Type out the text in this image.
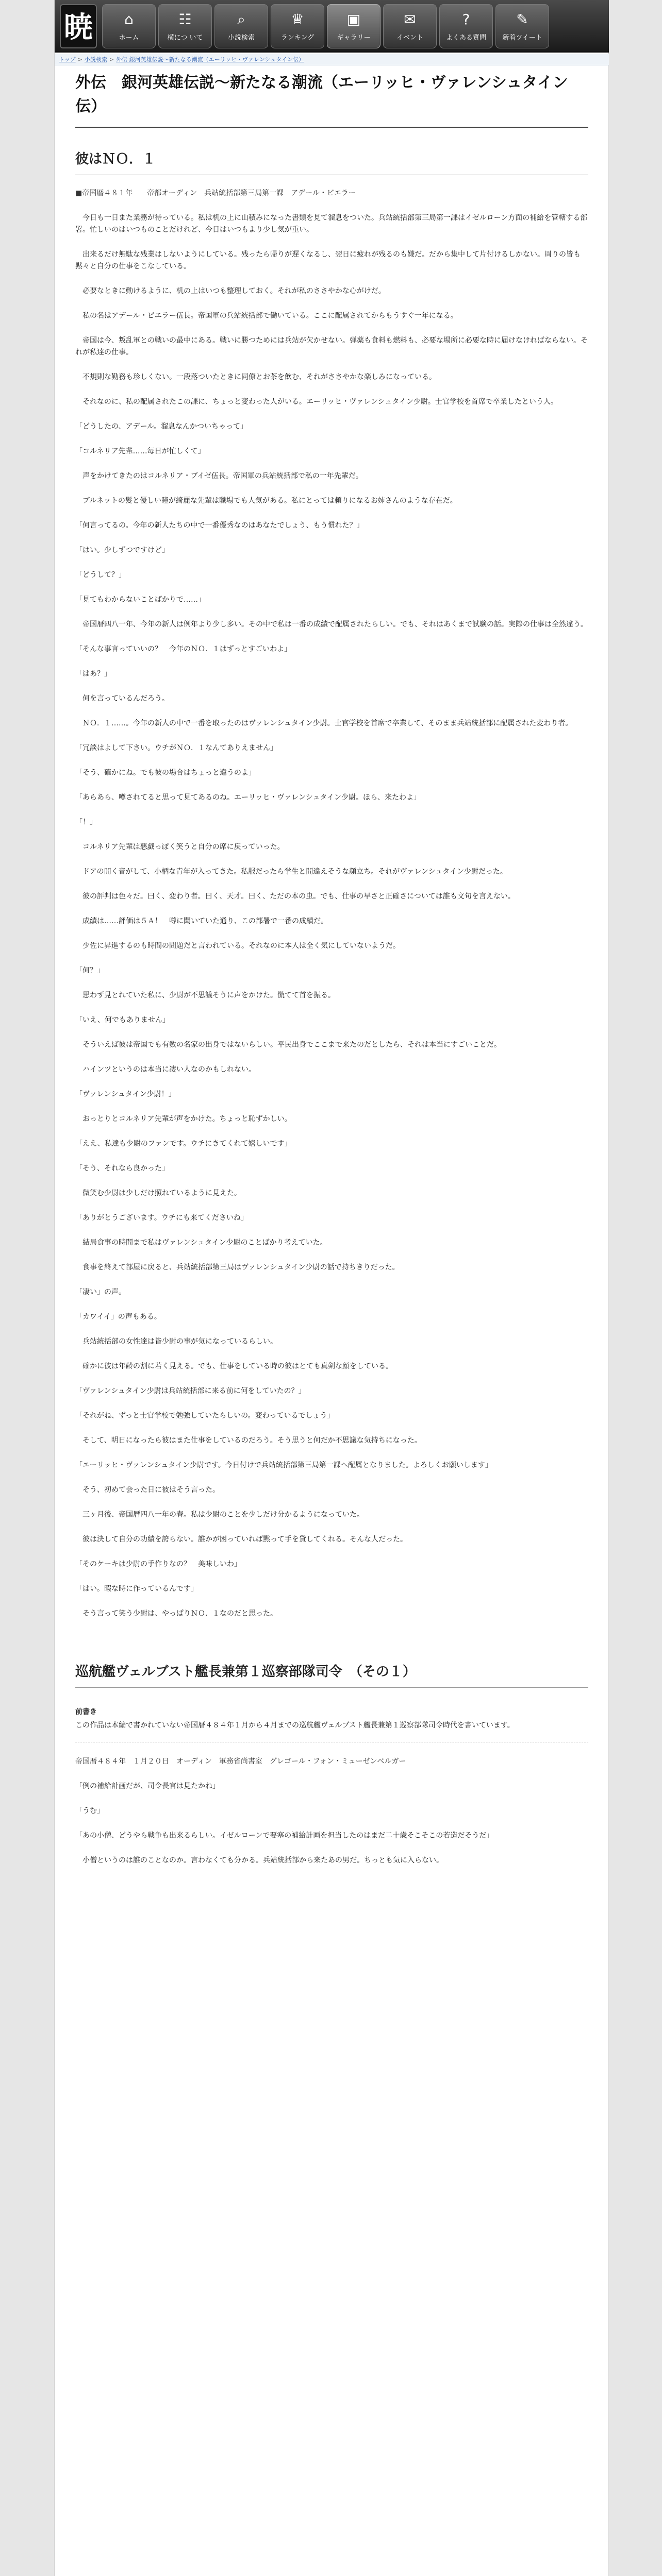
暁 ⌂
ホーム
☷
横につ いて
⌕
小説検索
♛
ランキング
▣
ギャラリー
✉
イベント
?
よくある質問
✎
新着ツイート
トップ > 小説検索 > 外伝 銀河英雄伝説～新たなる潮流（エーリッヒ・ヴァレンシュタイン伝）
外伝　銀河英雄伝説～新たなる潮流（エーリッヒ・ヴァレンシュタイン伝）
彼はＮＯ．１
■帝国暦４８１年　　帝都オーディン　兵站統括部第三局第一課　アデール・ビエラー

　今日も一日また業務が待っている。私は机の上に山積みになった書類を見て溜息をついた。兵站統括部第三局第一課はイゼルローン方面の補給を管轄する部署。忙しいのはいつものことだけれど、今日はいつもより少し気が重い。

　出来るだけ無駄な残業はしないようにしている。残ったら帰りが遅くなるし、翌日に疲れが残るのも嫌だ。だから集中して片付けるしかない。周りの皆も黙々と自分の仕事をこなしている。

　必要なときに動けるように、机の上はいつも整理しておく。それが私のささやかな心がけだ。

　私の名はアデール・ビエラー伍長。帝国軍の兵站統括部で働いている。ここに配属されてからもうすぐ一年になる。

　帝国は今、叛乱軍との戦いの最中にある。戦いに勝つためには兵站が欠かせない。弾薬も食料も燃料も、必要な場所に必要な時に届けなければならない。それが私達の仕事。

　不規則な勤務も珍しくない。一段落ついたときに同僚とお茶を飲む、それがささやかな楽しみになっている。

　それなのに、私の配属されたこの課に、ちょっと変わった人がいる。エーリッヒ・ヴァレンシュタイン少尉。士官学校を首席で卒業したという人。

「どうしたの、アデール。溜息なんかついちゃって」

「コルネリア先輩……毎日が忙しくて」

　声をかけてきたのはコルネリア・ブイゼ伍長。帝国軍の兵站統括部で私の一年先輩だ。

　ブルネットの髪と優しい瞳が綺麗な先輩は職場でも人気がある。私にとっては頼りになるお姉さんのような存在だ。

「何言ってるの。今年の新人たちの中で一番優秀なのはあなたでしょう、もう慣れた？」

「はい。少しずつですけど」

「どうして？」

「見てもわからないことばかりで……」

　帝国暦四八一年、今年の新人は例年より少し多い。その中で私は一番の成績で配属されたらしい。でも、それはあくまで試験の話。実際の仕事は全然違う。

「そんな事言っていいの？　今年のＮＯ．１はずっとすごいわよ」

「はあ？」

　何を言っているんだろう。

　ＮＯ．１……。今年の新人の中で一番を取ったのはヴァレンシュタイン少尉。士官学校を首席で卒業して、そのまま兵站統括部に配属された変わり者。

「冗談はよして下さい。ウチがＮＯ．１なんてありえません」

「そう、確かにね。でも彼の場合はちょっと違うのよ」

「あらあら、噂されてると思って見てあるのね。エーリッヒ・ヴァレンシュタイン少尉。ほら、来たわよ」

「！」

　コルネリア先輩は悪戯っぽく笑うと自分の席に戻っていった。

　ドアの開く音がして、小柄な青年が入ってきた。私服だったら学生と間違えそうな顔立ち。それがヴァレンシュタイン少尉だった。

　彼の評判は色々だ。曰く、変わり者。曰く、天才。曰く、ただの本の虫。でも、仕事の早さと正確さについては誰も文句を言えない。

　成績は……評価は５Ａ！　噂に聞いていた通り、この部署で一番の成績だ。

　少佐に昇進するのも時間の問題だと言われている。それなのに本人は全く気にしていないようだ。

「何？」

　思わず見とれていた私に、少尉が不思議そうに声をかけた。慌てて首を振る。

「いえ、何でもありません」

　そういえば彼は帝国でも有数の名家の出身ではないらしい。平民出身でここまで来たのだとしたら、それは本当にすごいことだ。

　ハインツというのは本当に凄い人なのかもしれない。

「ヴァレンシュタイン少尉！」

　おっとりとコルネリア先輩が声をかけた。ちょっと恥ずかしい。

「ええ、私達も少尉のファンです。ウチにきてくれて嬉しいです」

「そう、それなら良かった」

　微笑む少尉は少しだけ照れているように見えた。

「ありがとうございます。ウチにも来てくださいね」

　結局食事の時間まで私はヴァレンシュタイン少尉のことばかり考えていた。

　食事を終えて部屋に戻ると、兵站統括部第三局はヴァレンシュタイン少尉の話で持ちきりだった。

「凄い」の声。

「カワイイ」の声もある。

　兵站統括部の女性達は皆少尉の事が気になっているらしい。

　確かに彼は年齢の割に若く見える。でも、仕事をしている時の彼はとても真剣な顔をしている。

「ヴァレンシュタイン少尉は兵站統括部に来る前に何をしていたの？」

「それがね、ずっと士官学校で勉強していたらしいの。変わっているでしょう」

　そして、明日になったら彼はまた仕事をしているのだろう。そう思うと何だか不思議な気持ちになった。

「エーリッヒ・ヴァレンシュタイン少尉です。今日付けで兵站統括部第三局第一課へ配属となりました。よろしくお願いします」

　そう、初めて会った日に彼はそう言った。

　三ヶ月後、帝国暦四八一年の春。私は少尉のことを少しだけ分かるようになっていた。

　彼は決して自分の功績を誇らない。誰かが困っていれば黙って手を貸してくれる。そんな人だった。

「そのケーキは少尉の手作りなの？　美味しいわ」

「はい。暇な時に作っているんです」

　そう言って笑う少尉は、やっぱりＮＯ．１なのだと思った。

巡航艦ヴェルブスト艦長兼第１巡察部隊司令　（その１）
前書き
この作品は本編で書かれていない帝国暦４８４年１月から４月までの巡航艦ヴェルブスト艦長兼第１巡察部隊司令時代を書いています。
帝国暦４８４年　１月２０日　オーディン　軍務省尚書室　グレゴール・フォン・ミューゼンベルガー

「例の補給計画だが、司令長官は見たかね」

「うむ」

「あの小僧、どうやら戦争も出来るらしい。イゼルローンで要塞の補給計画を担当したのはまだ二十歳そこそこの若造だそうだ」

　小僧というのは誰のことなのか。言わなくても分かる。兵站統括部から来たあの男だ。ちっとも気に入らない。
